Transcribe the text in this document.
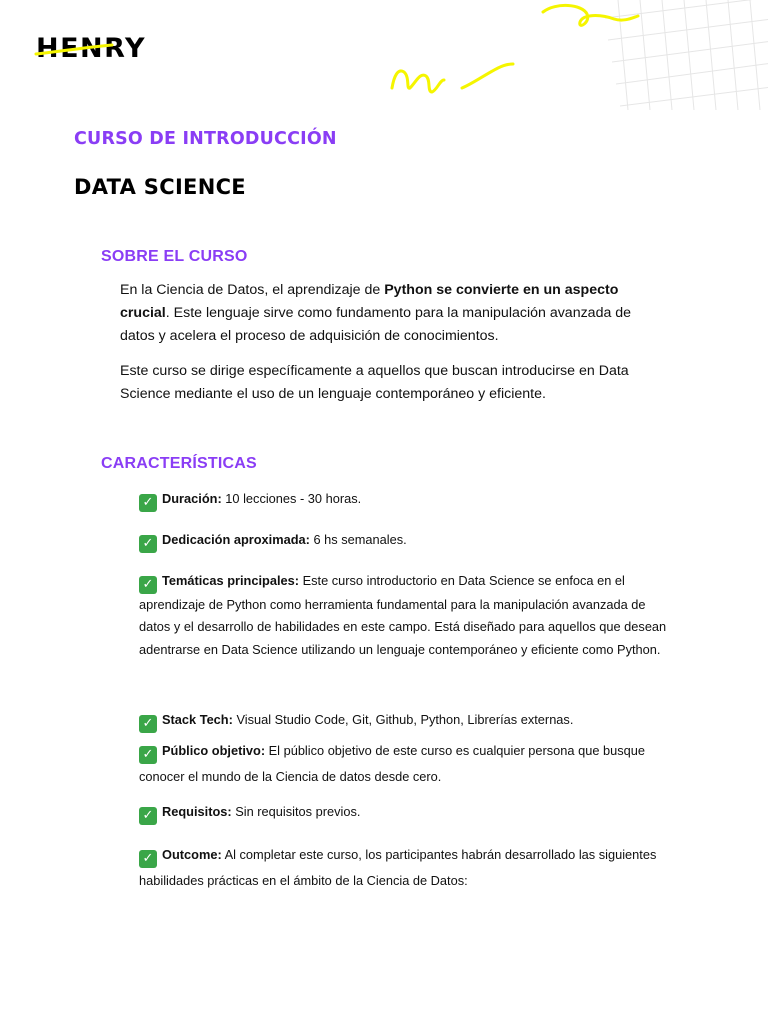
HENRY
CURSO DE INTRODUCCIÓN
DATA SCIENCE
SOBRE EL CURSO

En la Ciencia de Datos, el aprendizaje de Python se convierte en un aspecto crucial. Este lenguaje sirve como fundamento para la manipulación avanzada de datos y acelera el proceso de adquisición de conocimientos.

Este curso se dirige específicamente a aquellos que buscan introducirse en Data Science mediante el uso de un lenguaje contemporáneo y eficiente.

CARACTERÍSTICAS

✓ Duración: 10 lecciones - 30 horas.

✓ Dedicación aproximada: 6 hs semanales.

✓ Temáticas principales: Este curso introductorio en Data Science se enfoca en el aprendizaje de Python como herramienta fundamental para la manipulación avanzada de datos y el desarrollo de habilidades en este campo. Está diseñado para aquellos que desean adentrarse en Data Science utilizando un lenguaje contemporáneo y eficiente como Python.

✓ Stack Tech: Visual Studio Code, Git, Github, Python, Librerías externas.

✓ Público objetivo: El público objetivo de este curso es cualquier persona que busque conocer el mundo de la Ciencia de datos desde cero.

✓ Requisitos: Sin requisitos previos.

✓ Outcome: Al completar este curso, los participantes habrán desarrollado las siguientes habilidades prácticas en el ámbito de la Ciencia de Datos:
